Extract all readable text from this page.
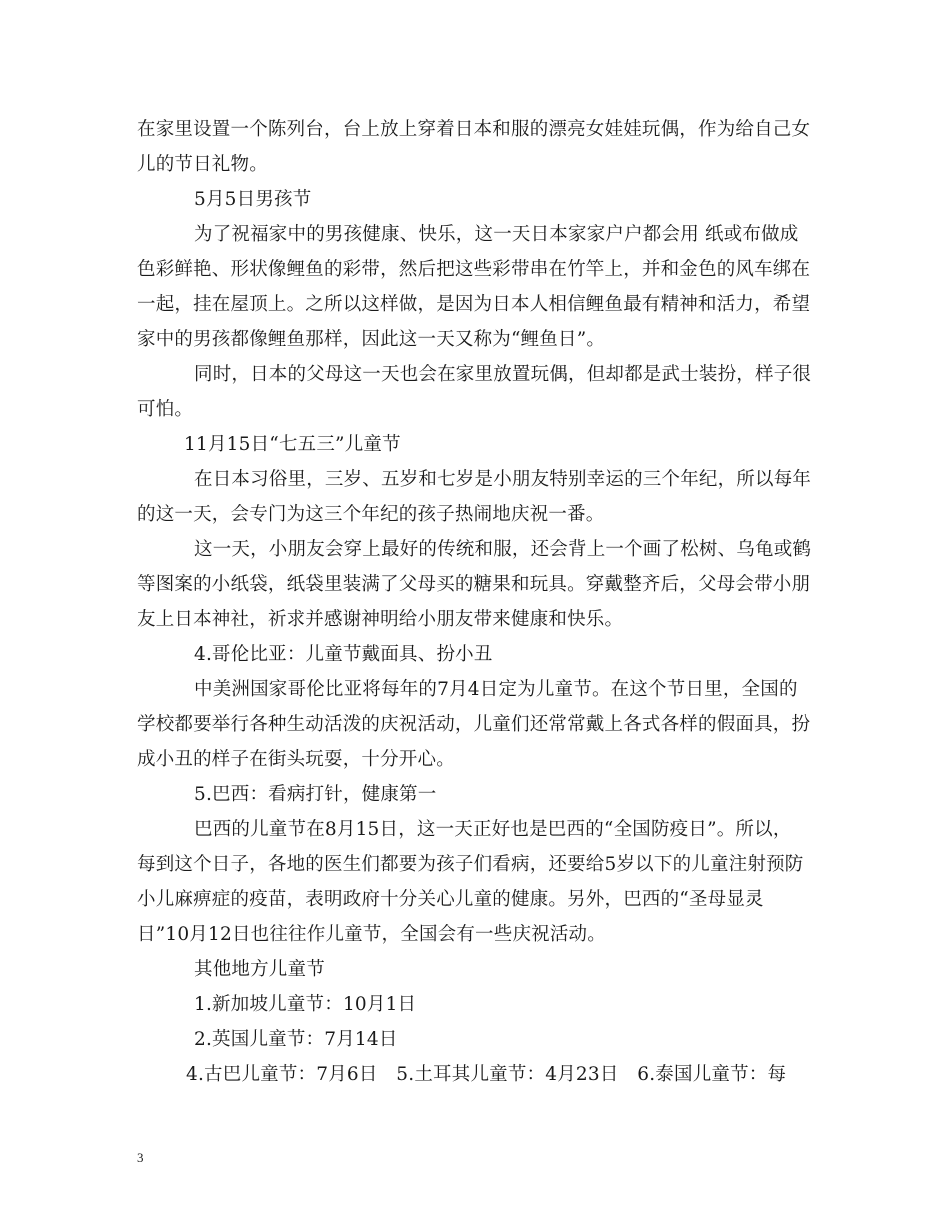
在家里设置一个陈列台，台上放上穿着日本和服的漂亮女娃娃玩偶，作为给自己女
儿的节日礼物。
5月5日男孩节
为了祝福家中的男孩健康、快乐，这一天日本家家户户都会用 纸或布做成
色彩鲜艳、形状像鲤鱼的彩带，然后把这些彩带串在竹竿上，并和金色的风车绑在
一起，挂在屋顶上。之所以这样做，是因为日本人相信鲤鱼最有精神和活力，希望
家中的男孩都像鲤鱼那样，因此这一天又称为“鲤鱼日”。
同时，日本的父母这一天也会在家里放置玩偶，但却都是武士装扮，样子很
可怕。
11月15日“七五三”儿童节
在日本习俗里，三岁、五岁和七岁是小朋友特别幸运的三个年纪，所以每年
的这一天，会专门为这三个年纪的孩子热闹地庆祝一番。
这一天，小朋友会穿上最好的传统和服，还会背上一个画了松树、乌龟或鹤
等图案的小纸袋，纸袋里装满了父母买的糖果和玩具。穿戴整齐后，父母会带小朋
友上日本神社，祈求并感谢神明给小朋友带来健康和快乐。
4.哥伦比亚：儿童节戴面具、扮小丑
中美洲国家哥伦比亚将每年的7月4日定为儿童节。在这个节日里，全国的
学校都要举行各种生动活泼的庆祝活动，儿童们还常常戴上各式各样的假面具，扮
成小丑的样子在街头玩耍，十分开心。
5.巴西：看病打针，健康第一
巴西的儿童节在8月15日，这一天正好也是巴西的“全国防疫日”。所以，
每到这个日子，各地的医生们都要为孩子们看病，还要给5岁以下的儿童注射预防
小儿麻痹症的疫苗，表明政府十分关心儿童的健康。另外，巴西的“圣母显灵
日”10月12日也往往作儿童节，全国会有一些庆祝活动。
其他地方儿童节
1.新加坡儿童节：10月1日
2.英国儿童节：7月14日
4.古巴儿童节：7月6日　5.土耳其儿童节：4月23日　6.泰国儿童节：每
3
